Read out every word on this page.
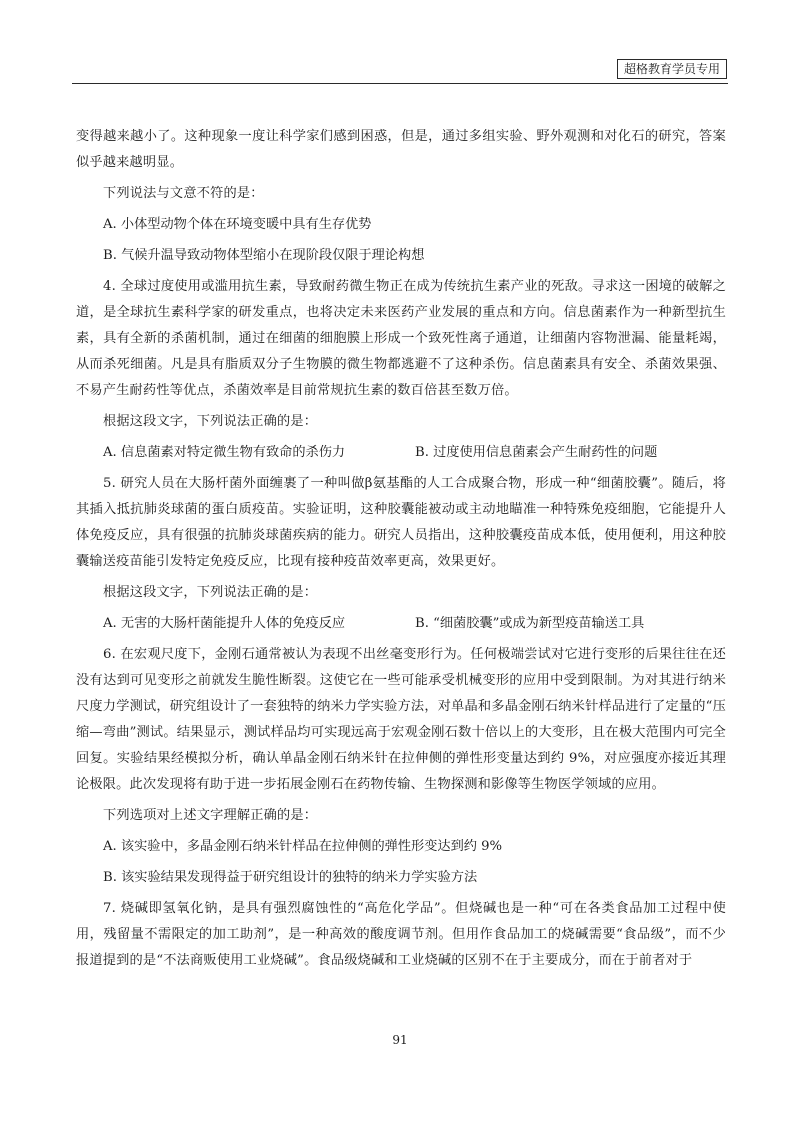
超格教育学员专用

变得越来越小了。这种现象一度让科学家们感到困惑，但是，通过多组实验、野外观测和对化石的研究，答案似乎越来越明显。

下列说法与文意不符的是：

A. 小体型动物个体在环境变暖中具有生存优势

B. 气候升温导致动物体型缩小在现阶段仅限于理论构想

4. 全球过度使用或滥用抗生素，导致耐药微生物正在成为传统抗生素产业的死敌。寻求这一困境的破解之道，是全球抗生素科学家的研发重点，也将决定未来医药产业发展的重点和方向。信息菌素作为一种新型抗生素，具有全新的杀菌机制，通过在细菌的细胞膜上形成一个致死性离子通道，让细菌内容物泄漏、能量耗竭，从而杀死细菌。凡是具有脂质双分子生物膜的微生物都逃避不了这种杀伤。信息菌素具有安全、杀菌效果强、不易产生耐药性等优点，杀菌效率是目前常规抗生素的数百倍甚至数万倍。

根据这段文字，下列说法正确的是：

A. 信息菌素对特定微生物有致命的杀伤力	B. 过度使用信息菌素会产生耐药性的问题

5. 研究人员在大肠杆菌外面缠裹了一种叫做β氨基酯的人工合成聚合物，形成一种“细菌胶囊”。随后，将其插入抵抗肺炎球菌的蛋白质疫苗。实验证明，这种胶囊能被动或主动地瞄准一种特殊免疫细胞，它能提升人体免疫反应，具有很强的抗肺炎球菌疾病的能力。研究人员指出，这种胶囊疫苗成本低，使用便利，用这种胶囊输送疫苗能引发特定免疫反应，比现有接种疫苗效率更高，效果更好。

根据这段文字，下列说法正确的是：

A. 无害的大肠杆菌能提升人体的免疫反应	B. “细菌胶囊”或成为新型疫苗输送工具

6. 在宏观尺度下，金刚石通常被认为表现不出丝毫变形行为。任何极端尝试对它进行变形的后果往往在还没有达到可见变形之前就发生脆性断裂。这使它在一些可能承受机械变形的应用中受到限制。为对其进行纳米尺度力学测试，研究组设计了一套独特的纳米力学实验方法，对单晶和多晶金刚石纳米针样品进行了定量的“压缩—弯曲”测试。结果显示，测试样品均可实现远高于宏观金刚石数十倍以上的大变形，且在极大范围内可完全回复。实验结果经模拟分析，确认单晶金刚石纳米针在拉伸侧的弹性形变量达到约 9%，对应强度亦接近其理论极限。此次发现将有助于进一步拓展金刚石在药物传输、生物探测和影像等生物医学领域的应用。

下列选项对上述文字理解正确的是：

A. 该实验中，多晶金刚石纳米针样品在拉伸侧的弹性形变达到约 9%

B. 该实验结果发现得益于研究组设计的独特的纳米力学实验方法

7. 烧碱即氢氧化钠，是具有强烈腐蚀性的“高危化学品”。但烧碱也是一种“可在各类食品加工过程中使用，残留量不需限定的加工助剂”，是一种高效的酸度调节剂。但用作食品加工的烧碱需要“食品级”，而不少报道提到的是“不法商贩使用工业烧碱”。食品级烧碱和工业烧碱的区别不在于主要成分，而在于前者对于

91
